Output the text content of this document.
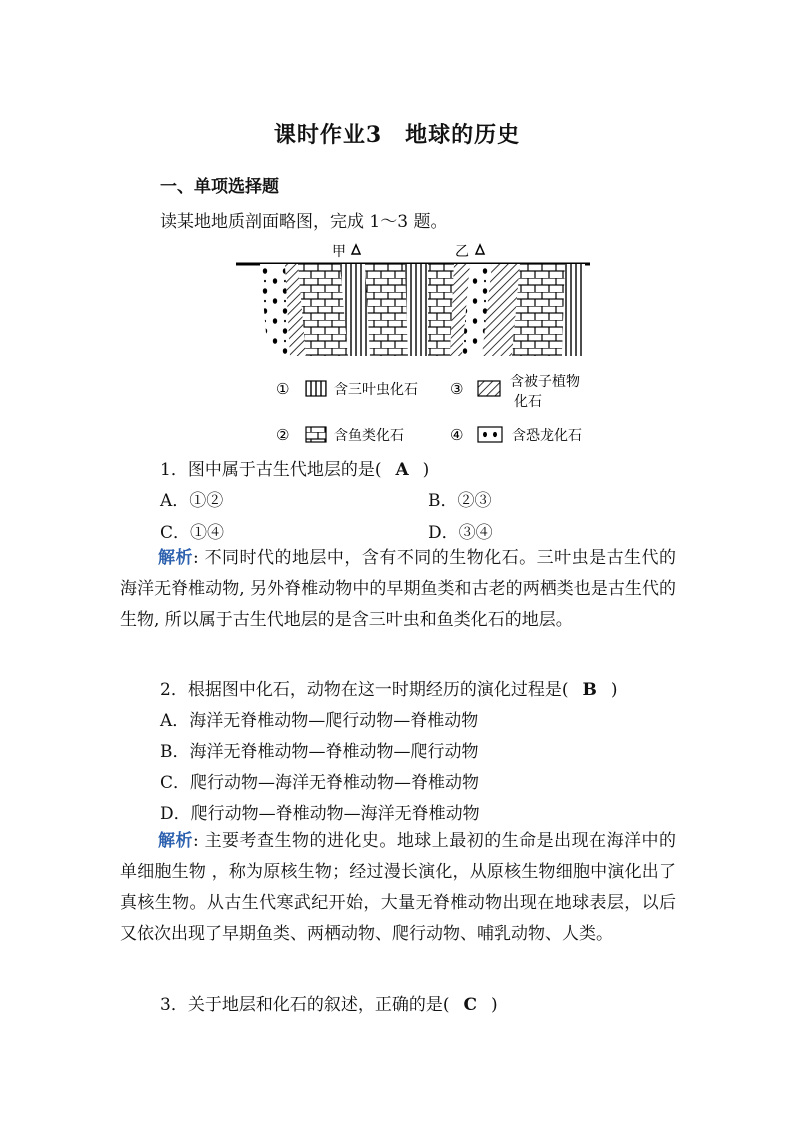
课时作业3　地球的历史
一、单项选择题
读某地地质剖面略图，完成 1～3 题。
甲	乙
①	含三叶虫化石 ③	含被子植物
化石
②	含鱼类化石	④	含恐龙化石
1．图中属于古生代地层的是( A )
A．①②	B．②③
C．①④	D．③④
解析: 不同时代的地层中，含有不同的生物化石。三叶虫是古生代的海洋无脊椎动物, 另外脊椎动物中的早期鱼类和古老的两栖类也是古生代的生物, 所以属于古生代地层的是含三叶虫和鱼类化石的地层。
2．根据图中化石，动物在这一时期经历的演化过程是( B )
A．海洋无脊椎动物—爬行动物—脊椎动物
B．海洋无脊椎动物—脊椎动物—爬行动物
C．爬行动物—海洋无脊椎动物—脊椎动物
D．爬行动物—脊椎动物—海洋无脊椎动物
解析: 主要考查生物的进化史。地球上最初的生命是出现在海洋中的单细胞生物 ，称为原核生物；经过漫长演化，从原核生物细胞中演化出了真核生物。从古生代寒武纪开始，大量无脊椎动物出现在地球表层，以后又依次出现了早期鱼类、两栖动物、爬行动物、哺乳动物、人类。
3．关于地层和化石的叙述，正确的是( C )
